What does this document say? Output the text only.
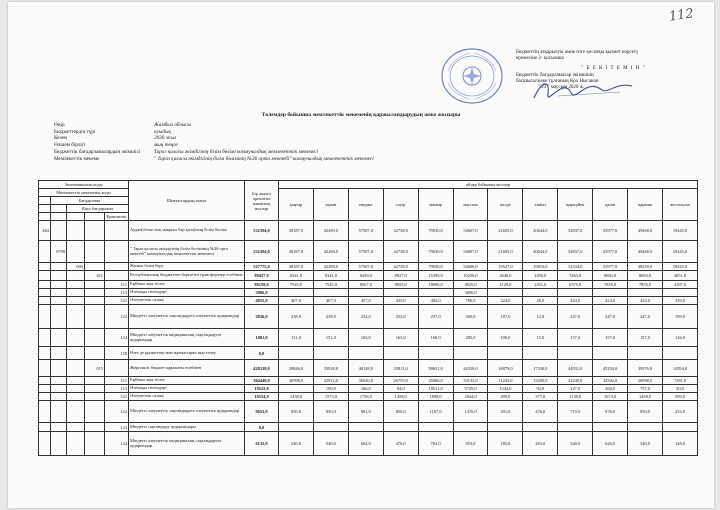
112
Бюджеттің атқарылуы және өзге қосалқы қызмет көрсету
ережесіне 2- қосымша
" Б Е К І Т Е М І Н "
Бюджеттік бағдарламалар әкімшінің
басшысы/жеке тұлғаның Қол Нысанов
" 23 " маусым 2020 ж.
Төлемдер бойынша мемлекеттік мекеменің қаржыландырудың жеке жоспары
Өңір	Жамбыл облысы
Бюджеттердің түрі	ауыдық
Кезең	2020 жыл
Өлшем бірлігі	мың теңге
Бюджеттік бағдарламалардың әкімшісі	Тараз қаласы әкімдігінің білім бөлімі коммуналдық мемлекеттік мекемесі
Мемлекеттік мекеме	" Тараз қаласы әкімдігінің білім бөлімінің №36 орта мектебі" коммуналдық мемлекеттік мекемесі
Экономикалық коды					Шығыстардың атауы	Бір жылға арналған жиынтық жоспар	айлар бойынша жоспар											
Мемлекеттік мекеменің коды							қаңтар	ақпан	наурыз	сәуір	мамыр	маусым	шілде	тамыз	қыркүйек	қазан	қараша	желтоқсан
	Бағдарлама																	
		Кіші бағдарлама																
				Ерекшелік														
464					Аудан(облыстық маңызы бар қала)ның білім бөлімі	532394,0	38187,0	42269,0	57587,0	42738,0	79030,0	54607,0	21605,0	20644,0	52837,0	53977,0	49468,0	19445,0
	6799				" Тараз қаласы әкімдігінің білім бөлімінің №36 орта мектебі" коммуналдық мемлекеттік мекемесі	532394,0	38187,0	42269,0	57587,0	42738,0	79030,0	54607,0	21605,0	20644,0	52837,0	53977,0	49468,0	19445,0
		003			Жалпы білім беру	527775,0	38187,0	42269,0	57587,0	42738,0	79030,0	54606,0	19527,0	19816,0	52334,0	53977,0	48259,0	19445,0
			011		Республикалық бюджеттен берілетін трансферттер есебінен	99457,0	8341,0	8341,0	9439,0	8927,0	15399,0	10256,0	2648,0	2456,0	7463,0	8683,0	8683,0	4851,0
				111	Еңбекке ақы төлеу	86159,0	7545,0	7545,0	8567,0	8055,0	18690,0	4925,0	2129,0	2431,0	6575,0	7855,0	7855,0	4187,0
				113	Өтемақы төлемдері	3806,0						3806,0						
				121	Әлеуметтік салық	4855,0	407,0	407,0	457,0	435,0	484,0	780,0	224,0	28,0	424,0	424,0	424,0	339,0
				122	Міндетті әлеуметтік сақтандыруға әлеуметтік аударымдар	2836,0	238,0	238,0	252,0	252,0	257,0	460,0	187,0	12,0	247,0	247,0	247,0	199,0
				124	Міндетті әлеуметтік медициналық сақтандыруға аударымдар	1801,0	151,0	151,0	163,0	163,0	168,0	285,0	108,0	15,0	157,0	157,0	157,0	126,0
				159	Өзге де қызметтер мен жұмыстарға ақы төлеу	0,0												
			015		Жергілікті бюджет қаражаты есебінен	428318,0	29846,0	33928,0	48148,0	33811,0	59631,0	44350,0	16879,0	17330,0	44931,0	45294,0	39576,0	14594,0
				111	Еңбекке ақы төлеу	304448,0	26998,0	22912,0	36020,0	26759,0	45060,0	33132,0	11243,0	13200,0	22240,0	32502,0	26998,0	7381,0
				113	Өтемақы төлемдері	19522,0		190,0	166,0	94,0	10511,0	5729,0	1344,0	94,0	227,0	260,0	757,0	50,0
				121	Әлеуметтік салық	16554,0	1458,0	1573,0	1758,0	1458,0	1898,0	2844,0	499,0	377,0	1138,0	1674,0	1458,0	399,0
				122	Міндетті әлеуметтік сақтандыруға әлеуметтік аударымдар	9653,0	850,0	850,0	981,0	850,0	1107,0	1470,0	291,0	476,0	719,0	976,0	850,0	233,0
				123	Міндетті сақтандыру аударымдары	0,0												
				124	Міндетті әлеуметтік медициналық сақтандыруға аударымдар	6132,0	540,0	540,0	604,0	476,0	703,0	953,0	185,0	283,0	540,0	620,0	540,0	148,0
